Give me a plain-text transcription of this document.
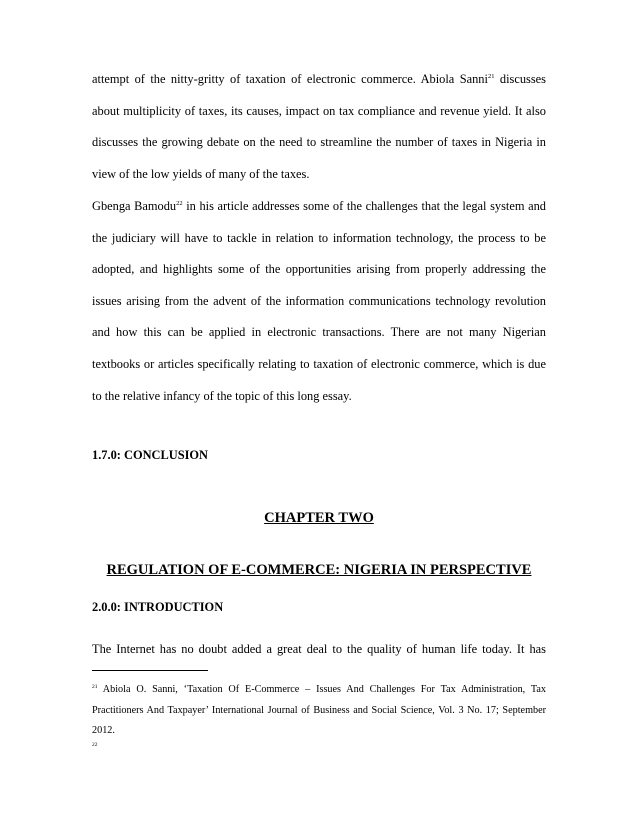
attempt of the nitty-gritty of taxation of electronic commerce. Abiola Sanni$^{21}$ discusses about multiplicity of taxes, its causes, impact on tax compliance and revenue yield. It also discusses the growing debate on the need to streamline the number of taxes in Nigeria in view of the low yields of many of the taxes.

Gbenga Bamodu$^{22}$ in his article addresses some of the challenges that the legal system and the judiciary will have to tackle in relation to information technology, the process to be adopted, and highlights some of the opportunities arising from properly addressing the issues arising from the advent of the information communications technology revolution and how this can be applied in electronic transactions. There are not many Nigerian textbooks or articles specifically relating to taxation of electronic commerce, which is due to the relative infancy of the topic of this long essay.

1.7.0: CONCLUSION
CHAPTER TWO
REGULATION OF E-COMMERCE: NIGERIA IN PERSPECTIVE
2.0.0: INTRODUCTION

The Internet has no doubt added a great deal to the quality of human life today. It has

$^{21}$ Abiola O. Sanni, ‘Taxation Of E-Commerce – Issues And Challenges For Tax Administration, Tax Practitioners And Taxpayer’ International Journal of Business and Social Science, Vol. 3 No. 17; September 2012.

$^{22}$
